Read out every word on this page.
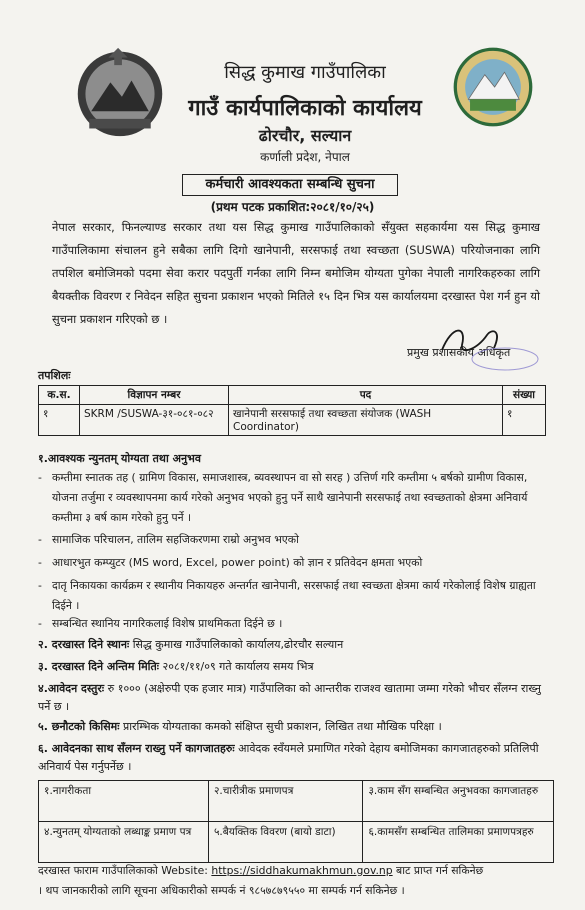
सिद्ध कुमाख गाउँपालिका
गाउँ कार्यपालिकाको कार्यालय
ढोरचौर, सल्यान
कर्णाली प्रदेश, नेपाल
कर्मचारी आवश्यकता सम्बन्धि सुचना
(प्रथम पटक प्रकाशित:२०८१/१०/२५)
नेपाल सरकार, फिनल्याण्ड सरकार तथा यस सिद्ध कुमाख गाउँपालिकाको सँयुक्त सहकार्यमा यस सिद्ध कुमाख गाउँपालिकामा संचालन हुने सबैका लागि दिगो खानेपानी, सरसफाई तथा स्वच्छता (SUSWA) परियोजनाका लागि तपशिल बमोजिमको पदमा सेवा करार पदपुर्ती गर्नका लागि निम्न बमोजिम योग्यता पुगेका नेपाली नागरिकहरुका लागि बैयक्तीक विवरण र निवेदन सहित सुचना प्रकाशन भएको मितिले १५ दिन भित्र यस कार्यालयमा दरखास्त पेश गर्न हुन यो सुचना प्रकाशन गरिएको छ ।
प्रमुख प्रशासकीय अधिकृत
तपशिलः
क.स.	विज्ञापन नम्बर	पद	संख्या
१	SKRM /SUSWA-३१-०८१-०८२	खानेपानी सरसफाई तथा स्वच्छता संयोजक (WASH Coordinator)	१
१.आवश्यक न्युनतम् योग्यता तथा अनुभव
- कम्तीमा स्नातक तह ( ग्रामिण विकास, समाजशास्त्र, ब्यवस्थापन वा सो सरह ) उत्तिर्ण गरि कम्तीमा ५ बर्षको ग्रामीण विकास, योजना तर्जुमा र व्यवस्थापनमा कार्य गरेको अनुभव भएको हुनु पर्ने साथै खानेपानी सरसफाई तथा स्वच्छताको क्षेत्रमा अनिवार्य कम्तीमा ३ बर्ष काम गरेको हुनु पर्ने ।
- सामाजिक परिचालन, तालिम सहजिकरणमा राम्रो अनुभव भएको
- आधारभुत कम्प्युटर (MS word, Excel, power point) को ज्ञान र प्रतिवेदन क्षमता भएको
- दातृ निकायका कार्यक्रम र स्थानीय निकायहरु अन्तर्गत खानेपानी, सरसफाई तथा स्वच्छता क्षेत्रमा कार्य गरेकोलाई विशेष ग्राह्यता दिईने ।
- सम्बन्धित स्थानिय नागरिकलाई विशेष प्राथमिकता दिईने छ ।
२. दरखास्त दिने स्थानः सिद्ध कुमाख गाउँपालिकाको कार्यालय,ढोरचौर सल्यान
३. दरखास्त दिने अन्तिम मितिः २०८१/११/०९ गते कार्यालय समय भित्र
४.आवेदन दस्तुरः रु १००० (अक्षेरुपी एक हजार मात्र) गाउँपालिका को आन्तरीक राजश्व खातामा जम्मा गरेको भौचर सँलग्न राख्नु पर्ने छ ।
५. छनौटको किसिमः प्रारम्भिक योग्यताका कमको संक्षिप्त सुची प्रकाशन, लिखित तथा मौखिक परिक्षा ।
६. आवेदनका साथ सँलग्न राख्नु पर्ने कागजातहरुः आवेदक स्वँयमले प्रमाणित गरेको देहाय बमोजिमका कागजातहरुको प्रतिलिपी अनिवार्य पेस गर्नुपर्नेछ ।
१.नागरीकता	२.चारीत्रीक प्रमाणपत्र	३.काम सँग सम्बन्धित अनुभवका कागजातहरु
४.न्युनतम् योग्यताको लब्धाङ्क प्रमाण पत्र	५.बैयक्तिक विवरण (बायो डाटा)	६.कामसँग सम्बन्धित तालिमका प्रमाणपत्रहरु
दरखास्त फाराम गाउँपालिकाको Website: https://siddhakumakhmun.gov.np बाट प्राप्त गर्न सकिनेछ
। थप जानकारीको लागि सूचना अधिकारीको सम्पर्क नं ९८५७८७९५५० मा सम्पर्क गर्न सकिनेछ ।
